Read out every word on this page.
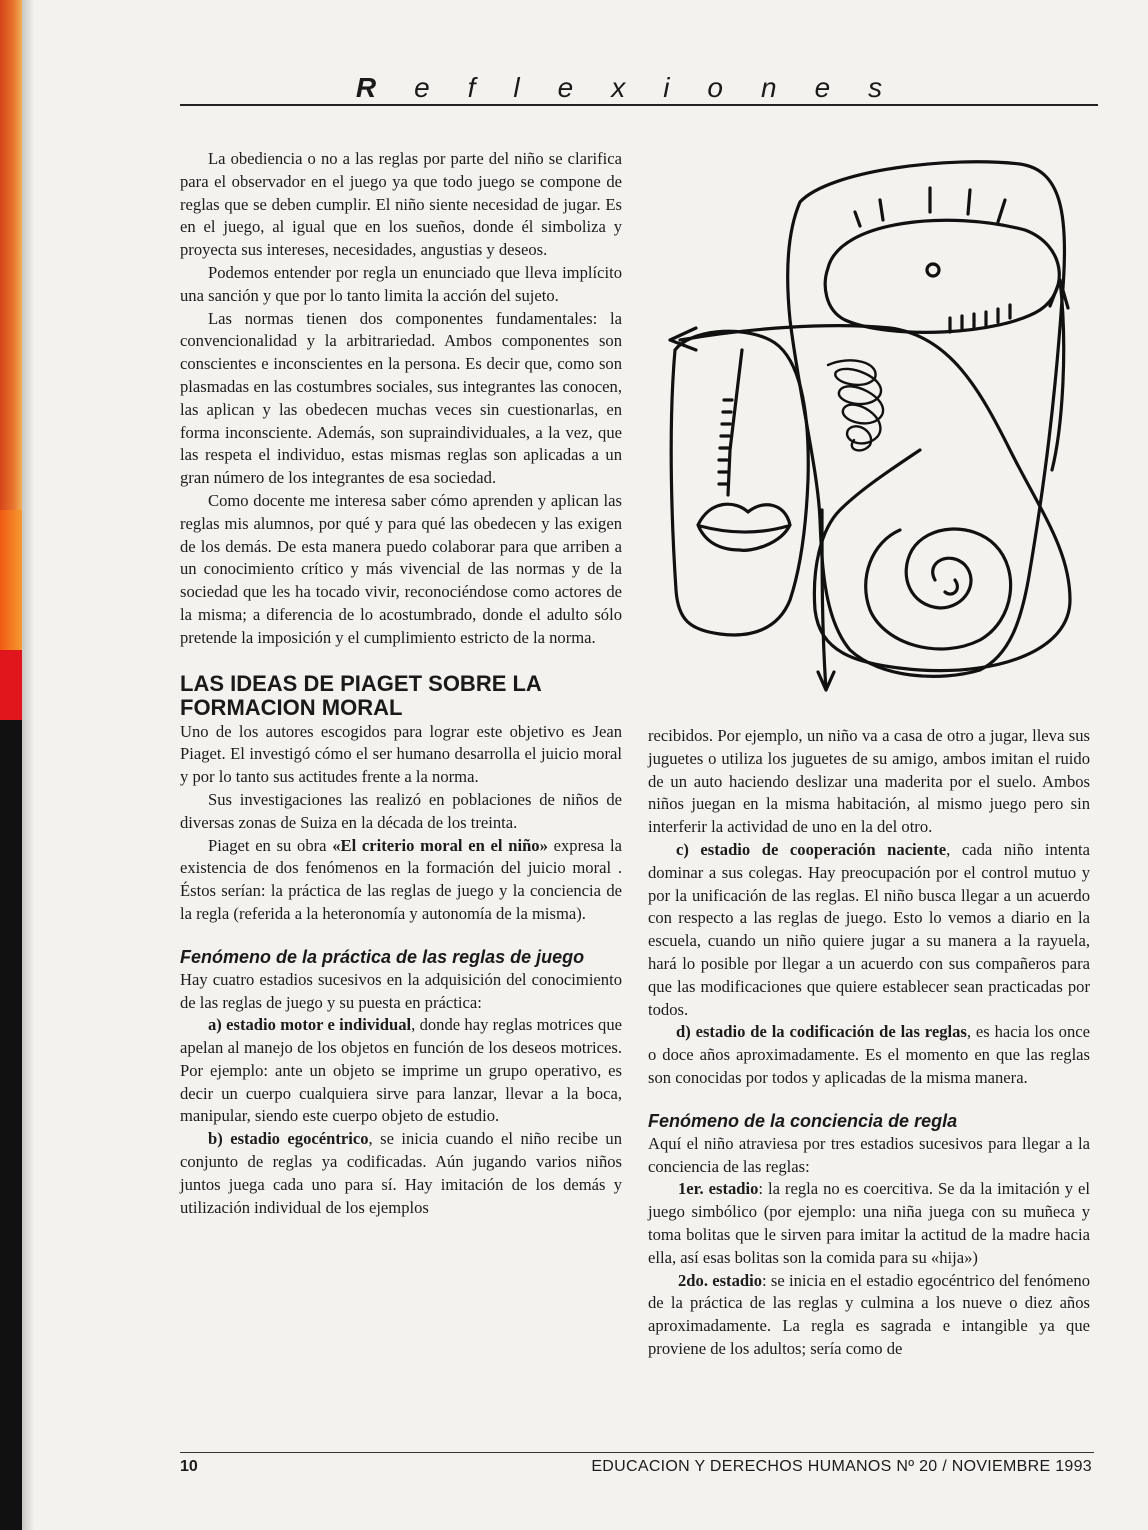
Reflexiones

La obediencia o no a las reglas por parte del niño se clarifica para el observador en el juego ya que todo juego se compone de reglas que se deben cumplir. El niño siente necesidad de jugar. Es en el juego, al igual que en los sueños, donde él simboliza y proyecta sus intereses, necesidades, angustias y deseos.

Podemos entender por regla un enunciado que lleva implícito una sanción y que por lo tanto limita la acción del sujeto.

Las normas tienen dos componentes fundamentales: la convencionalidad y la arbitrariedad. Ambos componentes son conscientes e inconscientes en la persona. Es decir que, como son plasmadas en las costumbres sociales, sus integrantes las conocen, las aplican y las obedecen muchas veces sin cuestionarlas, en forma inconsciente. Además, son supraindividuales, a la vez, que las respeta el individuo, estas mismas reglas son aplicadas a un gran número de los integrantes de esa sociedad.

Como docente me interesa saber cómo aprenden y aplican las reglas mis alumnos, por qué y para qué las obedecen y las exigen de los demás. De esta manera puedo colaborar para que arriben a un conocimiento crítico y más vivencial de las normas y de la sociedad que les ha tocado vivir, reconociéndose como actores de la misma; a diferencia de lo acostumbrado, donde el adulto sólo pretende la imposición y el cumplimiento estricto de la norma.

LAS IDEAS DE PIAGET SOBRE LA FORMACION MORAL

Uno de los autores escogidos para lograr este objetivo es Jean Piaget. El investigó cómo el ser humano desarrolla el juicio moral y por lo tanto sus actitudes frente a la norma.

Sus investigaciones las realizó en poblaciones de niños de diversas zonas de Suiza en la década de los treinta.

Piaget en su obra «El criterio moral en el niño» expresa la existencia de dos fenómenos en la formación del juicio moral . Éstos serían: la práctica de las reglas de juego y la conciencia de la regla (referida a la heteronomía y autonomía de la misma).

Fenómeno de la práctica de las reglas de juego

Hay cuatro estadios sucesivos en la adquisición del conocimiento de las reglas de juego y su puesta en práctica:

a) estadio motor e individual, donde hay reglas motrices que apelan al manejo de los objetos en función de los deseos motrices. Por ejemplo: ante un objeto se imprime un grupo operativo, es decir un cuerpo cualquiera sirve para lanzar, llevar a la boca, manipular, siendo este cuerpo objeto de estudio.

b) estadio egocéntrico, se inicia cuando el niño recibe un conjunto de reglas ya codificadas. Aún jugando varios niños juntos juega cada uno para sí. Hay imitación de los demás y utilización individual de los ejemplos

recibidos. Por ejemplo, un niño va a casa de otro a jugar, lleva sus juguetes o utiliza los juguetes de su amigo, ambos imitan el ruido de un auto haciendo deslizar una maderita por el suelo. Ambos niños juegan en la misma habitación, al mismo juego pero sin interferir la actividad de uno en la del otro.

c) estadio de cooperación naciente, cada niño intenta dominar a sus colegas. Hay preocupación por el control mutuo y por la unificación de las reglas. El niño busca llegar a un acuerdo con respecto a las reglas de juego. Esto lo vemos a diario en la escuela, cuando un niño quiere jugar a su manera a la rayuela, hará lo posible por llegar a un acuerdo con sus compañeros para que las modificaciones que quiere establecer sean practicadas por todos.

d) estadio de la codificación de las reglas, es hacia los once o doce años aproximadamente. Es el momento en que las reglas son conocidas por todos y aplicadas de la misma manera.

Fenómeno de la conciencia de regla

Aquí el niño atraviesa por tres estadios sucesivos para llegar a la conciencia de las reglas:

1er. estadio: la regla no es coercitiva. Se da la imitación y el juego simbólico (por ejemplo: una niña juega con su muñeca y toma bolitas que le sirven para imitar la actitud de la madre hacia ella, así esas bolitas son la comida para su «hija»)

2do. estadio: se inicia en el estadio egocéntrico del fenómeno de la práctica de las reglas y culmina a los nueve o diez años aproximadamente. La regla es sagrada e intangible ya que proviene de los adultos; sería como de

10	EDUCACION Y DERECHOS HUMANOS Nº 20 / NOVIEMBRE 1993
